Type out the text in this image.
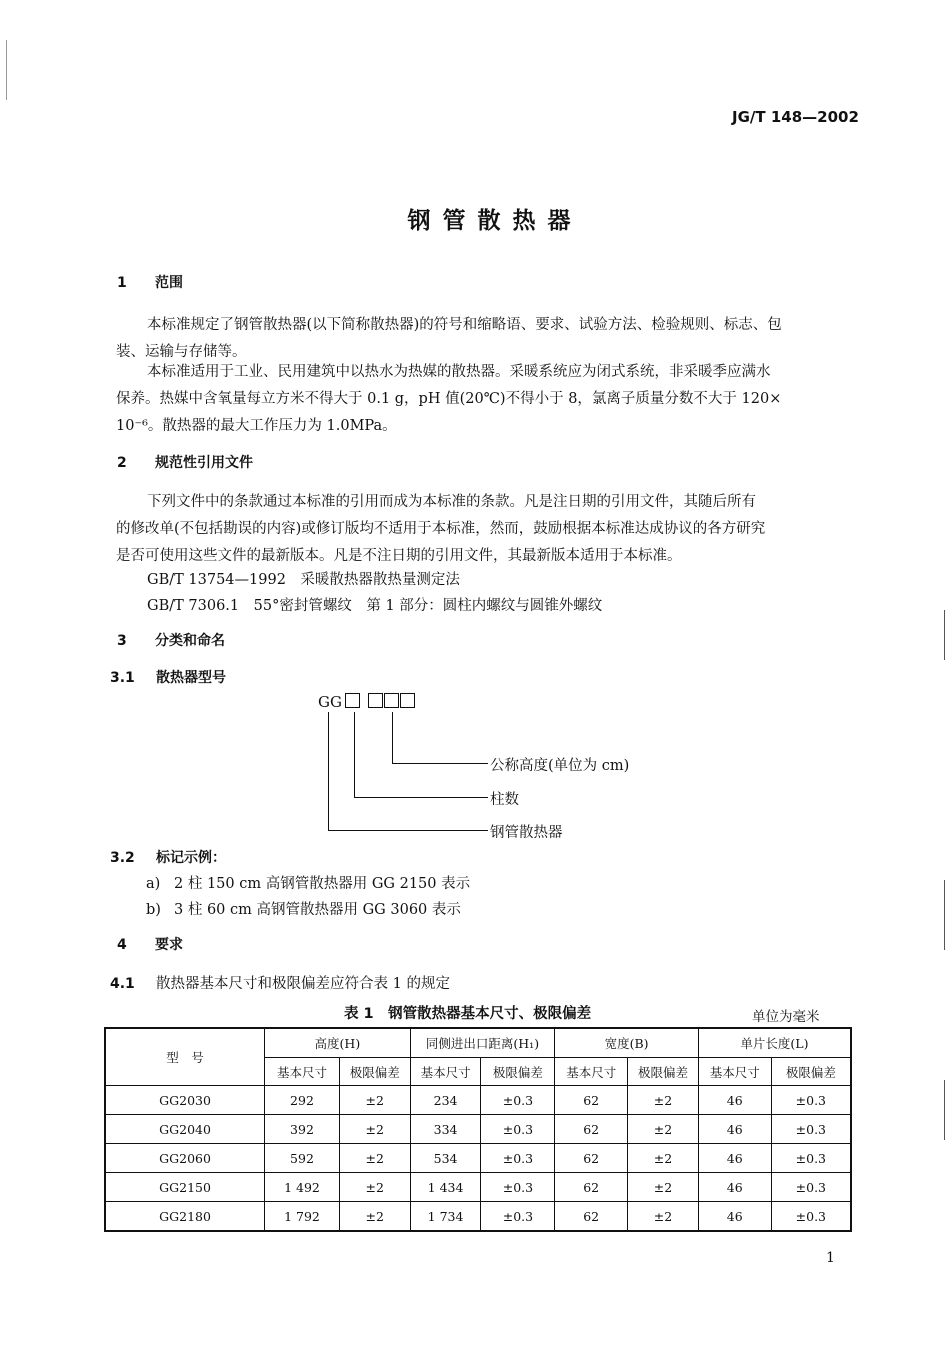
JG/T 148—2002
钢管散热器
1 范围
本标准规定了钢管散热器(以下简称散热器)的符号和缩略语、要求、试验方法、检验规则、标志、包
装、运输与存储等。
本标准适用于工业、民用建筑中以热水为热媒的散热器。采暖系统应为闭式系统，非采暖季应满水
保养。热媒中含氧量每立方米不得大于 0.1 g，pH 值(20℃)不得小于 8，氯离子质量分数不大于 120×
10⁻⁶。散热器的最大工作压力为 1.0MPa。
2 规范性引用文件
下列文件中的条款通过本标准的引用而成为本标准的条款。凡是注日期的引用文件，其随后所有
的修改单(不包括勘误的内容)或修订版均不适用于本标准，然而，鼓励根据本标准达成协议的各方研究
是否可使用这些文件的最新版本。凡是不注日期的引用文件，其最新版本适用于本标准。
GB/T 13754—1992　采暖散热器散热量测定法
GB/T 7306.1　55°密封管螺纹　第 1 部分：圆柱内螺纹与圆锥外螺纹
3 分类和命名
3.1 散热器型号
GG
公称高度(单位为 cm)
柱数
钢管散热器
3.2 标记示例：
a) 2 柱 150 cm 高钢管散热器用 GG 2150 表示
b) 3 柱 60 cm 高钢管散热器用 GG 3060 表示
4 要求
4.1 散热器基本尺寸和极限偏差应符合表 1 的规定
表 1　钢管散热器基本尺寸、极限偏差	单位为毫米
型　号	高度(H)		同侧进出口距离(H₁)		宽度(B)		单片长度(L)	
	基本尺寸	极限偏差	基本尺寸	极限偏差	基本尺寸	极限偏差	基本尺寸	极限偏差
GG2030	292	±2	234	±0.3	62	±2	46	±0.3
GG2040	392	±2	334	±0.3	62	±2	46	±0.3
GG2060	592	±2	534	±0.3	62	±2	46	±0.3
GG2150	1 492	±2	1 434	±0.3	62	±2	46	±0.3
GG2180	1 792	±2	1 734	±0.3	62	±2	46	±0.3
1
